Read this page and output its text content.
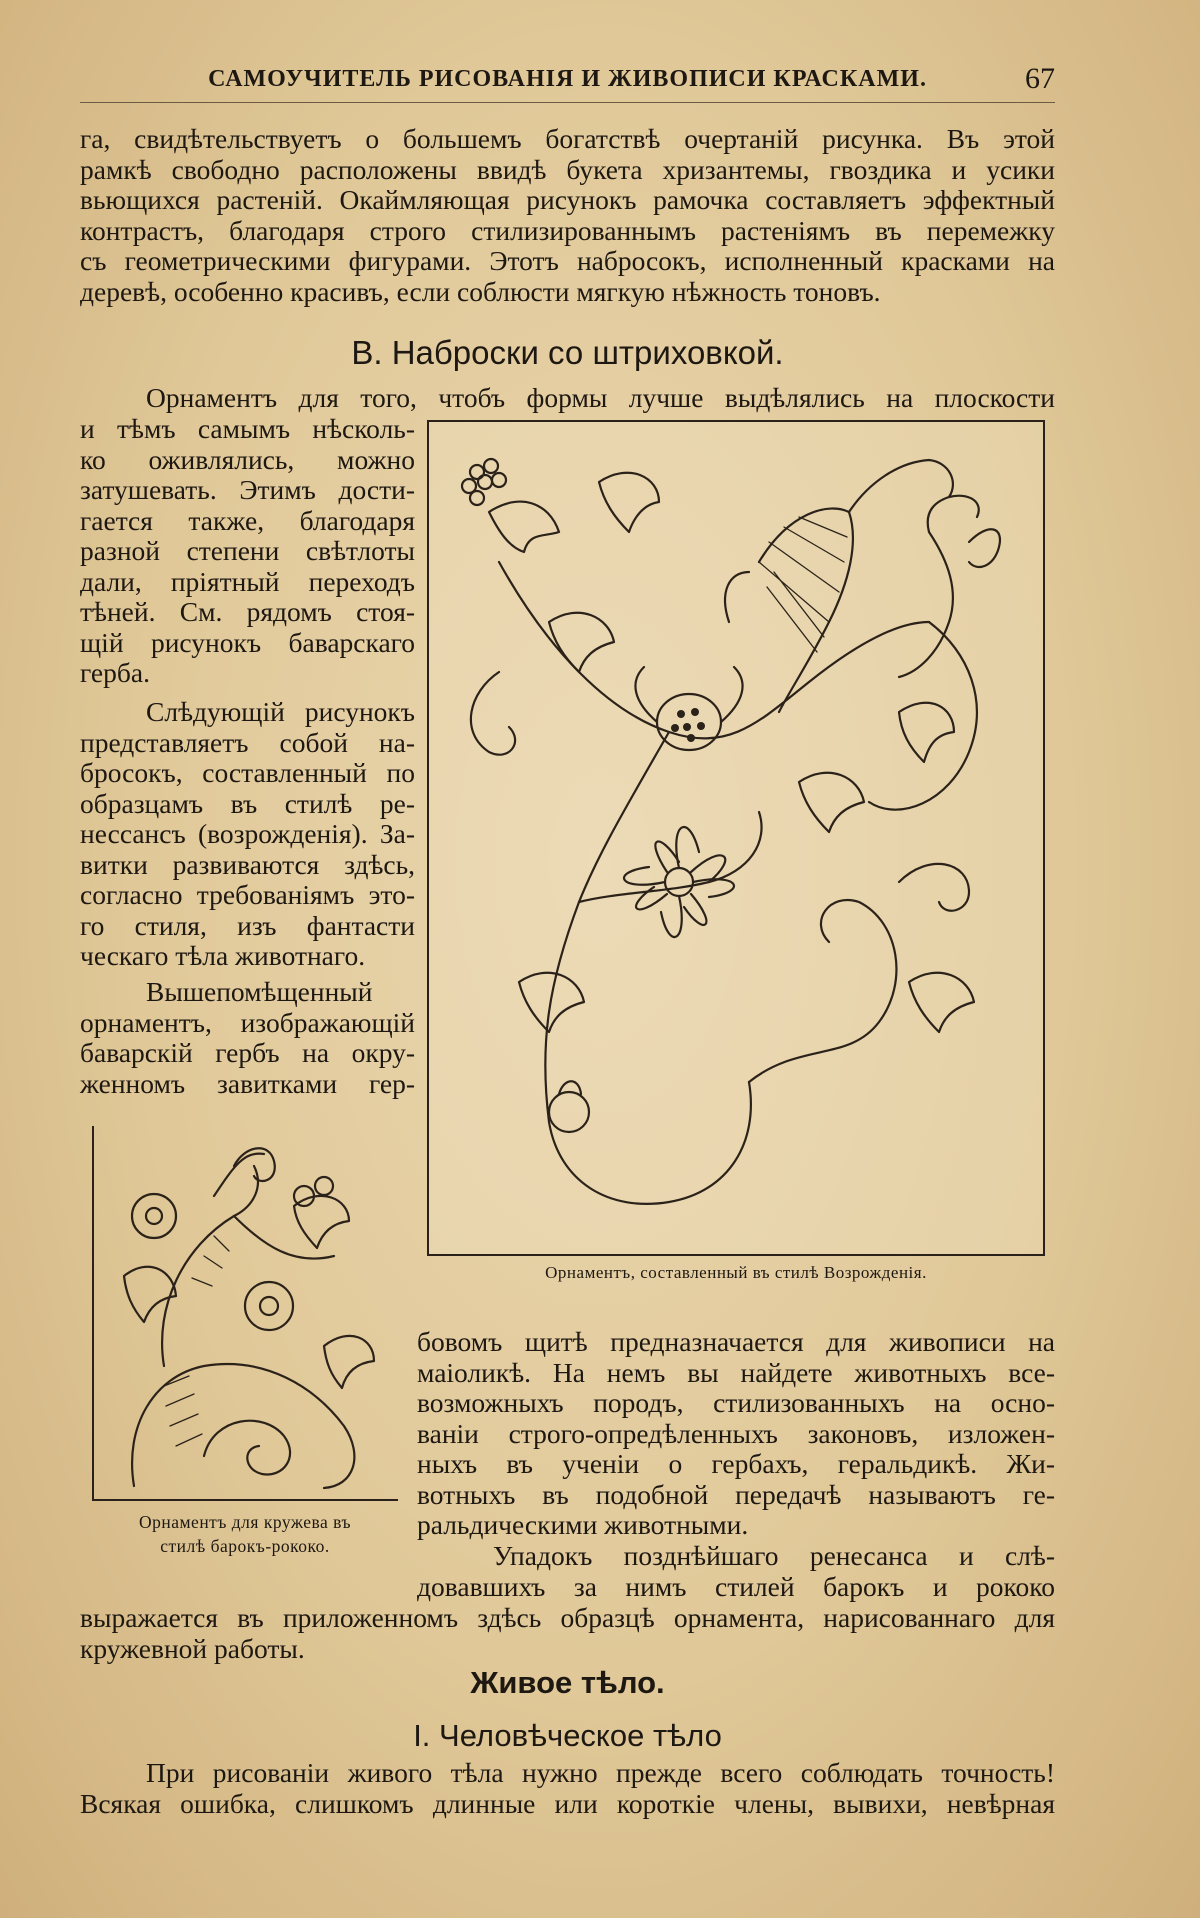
САМОУЧИТЕЛЬ РИСОВАНІЯ И ЖИВОПИСИ КРАСКАМИ.	67
га, свидѣтельствуетъ о большемъ богатствѣ очертаній рисунка. Въ этой
рамкѣ свободно расположены ввидѣ букета хризантемы, гвоздика и усики
вьющихся растеній. Окаймляющая рисунокъ рамочка составляетъ эффектный
контрастъ, благодаря строго стилизированнымъ растеніямъ въ перемежку
съ геометрическими фигурами. Этотъ набросокъ, исполненный красками на
деревѣ, особенно красивъ, если соблюсти мягкую нѣжность тоновъ.
В. Наброски со штриховкой.
Орнаментъ для того, чтобъ формы лучше выдѣлялись на плоскости
и тѣмъ самымъ нѣсколь-
ко оживлялись, можно
затушевать. Этимъ дости-
гается также, благодаря
разной степени свѣтлоты
дали, пріятный переходъ
тѣней. См. рядомъ стоя-
щій рисунокъ баварскаго
герба.
Слѣдующій рисунокъ
представляетъ собой на-
бросокъ, составленный по
образцамъ въ стилѣ ре-
нессансъ (возрожденія). За-
витки развиваются здѣсь,
согласно требованіямъ это-
го стиля, изъ фантасти
ческаго тѣла животнаго.
Вышепомѣщенный
орнаментъ, изображающій
баварскій гербъ на окру-
женномъ завитками гер-
Орнаментъ, составленный въ стилѣ Возрожденія.
Орнаментъ для кружева въ
стилѣ барокъ-рококо.
бовомъ щитѣ предназначается для живописи на
маіоликѣ. На немъ вы найдете животныхъ все-
возможныхъ породъ, стилизованныхъ на осно-
ваніи строго-опредѣленныхъ законовъ, изложен-
ныхъ въ ученіи о гербахъ, геральдикѣ. Жи-
вотныхъ въ подобной передачѣ называютъ ге-
ральдическими животными.
Упадокъ позднѣйшаго ренесанса и слѣ-
довавшихъ за нимъ стилей барокъ и рококо
выражается въ приложенномъ здѣсь образцѣ орнамента, нарисованнаго для
кружевной работы.
Живое тѣло.
I. Человѣческое тѣло
При рисованіи живого тѣла нужно прежде всего соблюдать точность!
Всякая ошибка, слишкомъ длинные или короткіе члены, вывихи, невѣрная
